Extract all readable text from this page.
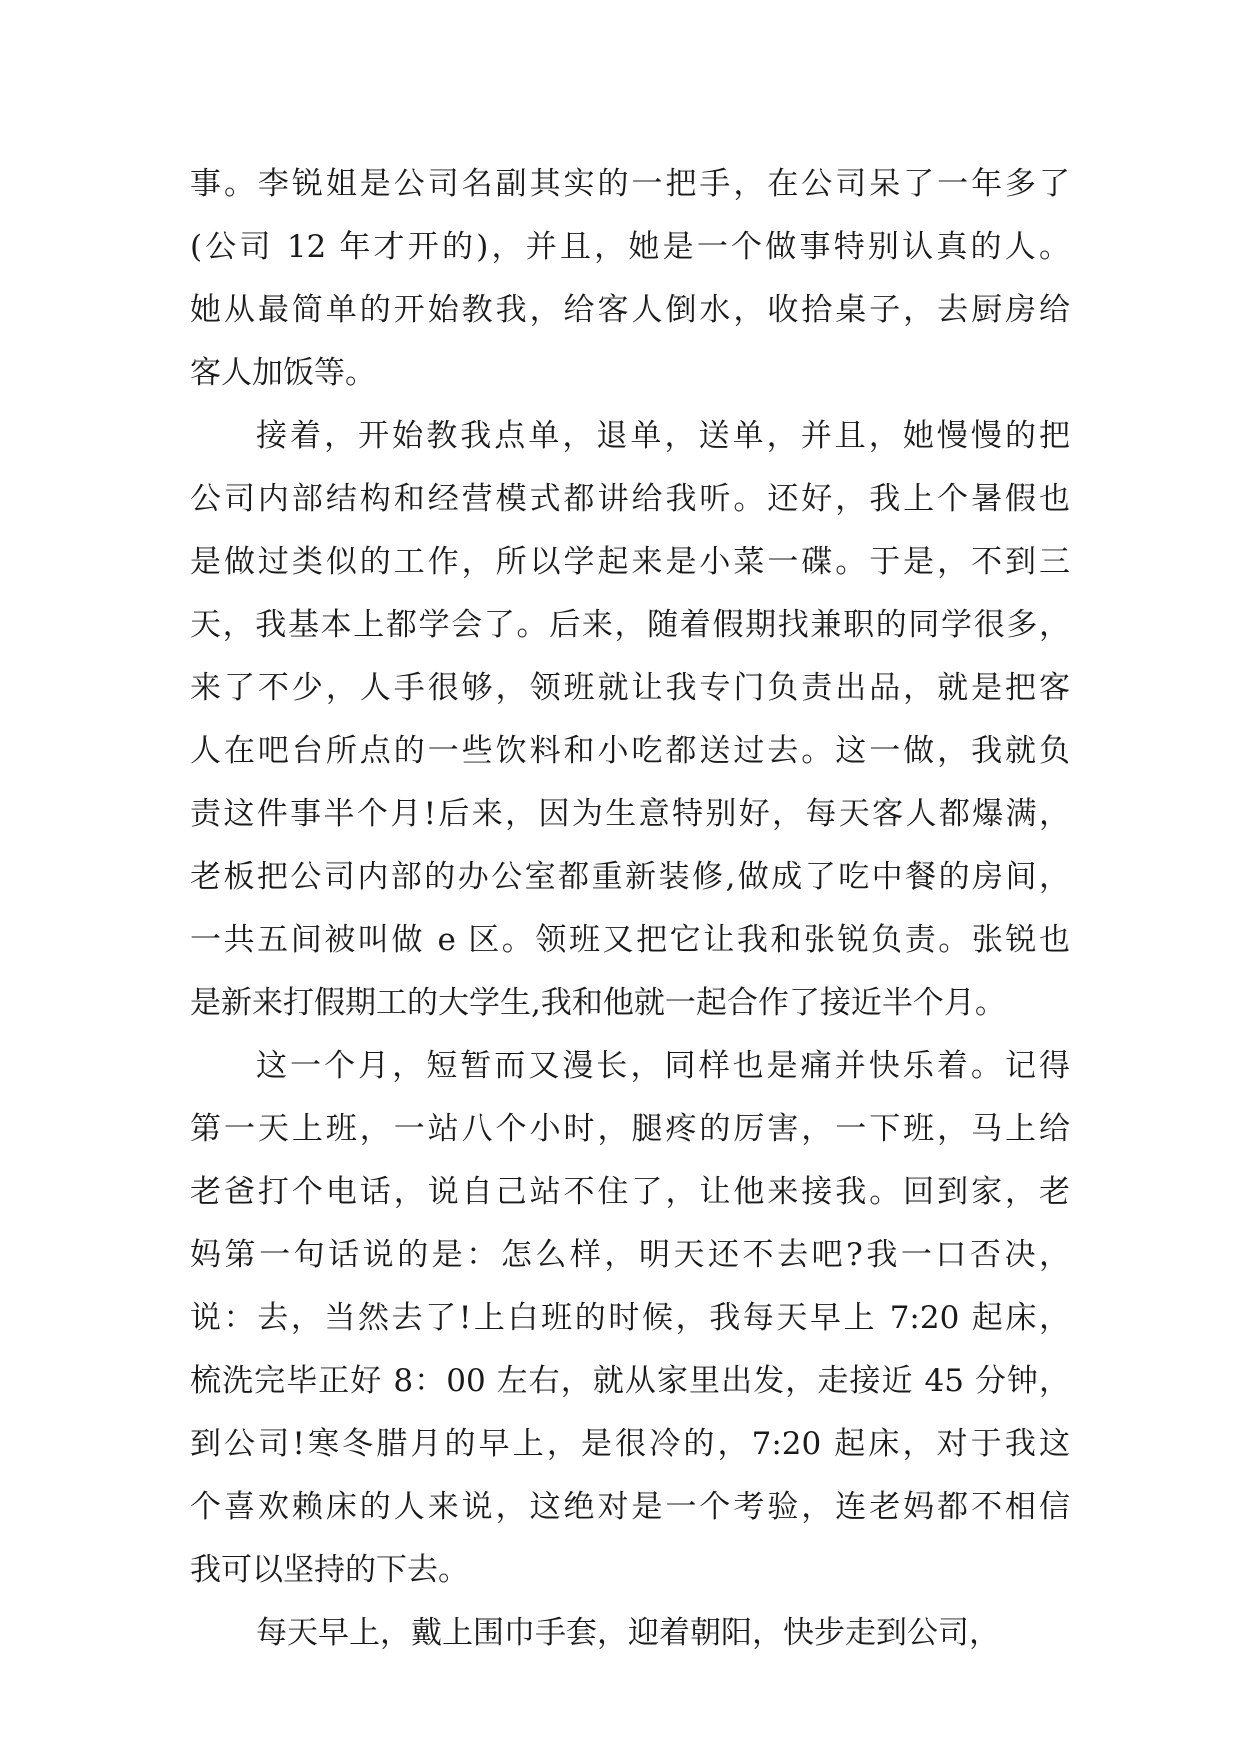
事。李锐姐是公司名副其实的一把手，在公司呆了一年多了
(公司 12 年才开的)，并且，她是一个做事特别认真的人。
她从最简单的开始教我，给客人倒水，收拾桌子，去厨房给
客人加饭等。
接着，开始教我点单，退单，送单，并且，她慢慢的把
公司内部结构和经营模式都讲给我听。还好，我上个暑假也
是做过类似的工作，所以学起来是小菜一碟。于是，不到三
天，我基本上都学会了。后来，随着假期找兼职的同学很多，
来了不少，人手很够，领班就让我专门负责出品，就是把客
人在吧台所点的一些饮料和小吃都送过去。这一做，我就负
责这件事半个月!后来，因为生意特别好，每天客人都爆满，
老板把公司内部的办公室都重新装修,做成了吃中餐的房间，
一共五间被叫做 e 区。领班又把它让我和张锐负责。张锐也
是新来打假期工的大学生,我和他就一起合作了接近半个月。
这一个月，短暂而又漫长，同样也是痛并快乐着。记得
第一天上班，一站八个小时，腿疼的厉害，一下班，马上给
老爸打个电话，说自己站不住了，让他来接我。回到家，老
妈第一句话说的是：怎么样，明天还不去吧?我一口否决，
说：去，当然去了!上白班的时候，我每天早上 7:20 起床，
梳洗完毕正好 8：00 左右，就从家里出发，走接近 45 分钟，
到公司!寒冬腊月的早上，是很冷的，7:20 起床，对于我这
个喜欢赖床的人来说，这绝对是一个考验，连老妈都不相信
我可以坚持的下去。
每天早上，戴上围巾手套，迎着朝阳，快步走到公司，
